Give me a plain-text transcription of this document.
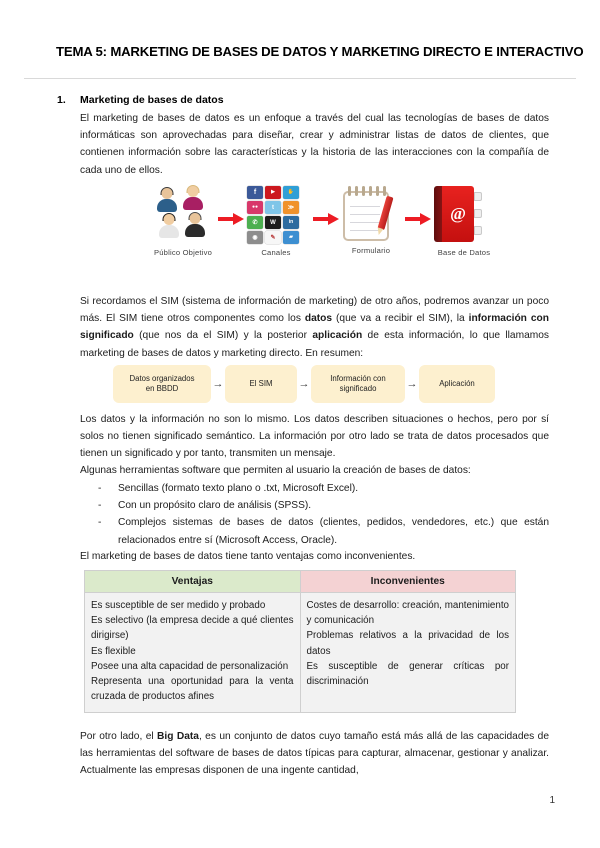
TEMA 5: MARKETING DE BASES DE DATOS Y MARKETING DIRECTO E INTERACTIVO
1. Marketing de bases de datos
El marketing de bases de datos es un enfoque a través del cual las tecnologías de bases de datos informáticas son aprovechadas para diseñar, crear y administrar listas de datos de clientes, que contienen información sobre las características y la historia de las interacciones con la compañía de cada uno de ellos.
Público Objetivo
f	▶	✋
●●	t	≫
✆	W	in
◉	✎	▰
Canales	Formulario
@
Base de Datos
Si recordamos el SIM (sistema de información de marketing) de otro años, podremos avanzar un poco más. El SIM tiene otros componentes como los datos (que va a recibir el SIM), la información con significado (que nos da el SIM) y la posterior aplicación de esta información, lo que llamamos marketing de bases de datos y marketing directo. En resumen:
Datos organizados
en BBDD	→	El SIM →	Información con
significado	→	Aplicación
Los datos y la información no son lo mismo. Los datos describen situaciones o hechos, pero por sí solos no tienen significado semántico. La información por otro lado se trata de datos procesados que tienen un significado y por tanto, transmiten un mensaje.
Algunas herramientas software que permiten al usuario la creación de bases de datos:
- Sencillas (formato texto plano o .txt, Microsoft Excel).
- Con un propósito claro de análisis (SPSS).
- Complejos sistemas de bases de datos (clientes, pedidos, vendedores, etc.) que están relacionados entre sí (Microsoft Access, Oracle).
El marketing de bases de datos tiene tanto ventajas como inconvenientes.
Ventajas	Inconvenientes

Es susceptible de ser medido y probado
Es selectivo (la empresa decide a qué clientes dirigirse)
Es flexible
Posee una alta capacidad de personalización
Representa una oportunidad para la venta cruzada de productos afines

Costes de desarrollo: creación, mantenimiento y comunicación
Problemas relativos a la privacidad de los datos
Es susceptible de generar críticas por discriminación
Por otro lado, el Big Data, es un conjunto de datos cuyo tamaño está más allá de las capacidades de las herramientas del software de bases de datos típicas para capturar, almacenar, gestionar y analizar. Actualmente las empresas disponen de una ingente cantidad,
1
